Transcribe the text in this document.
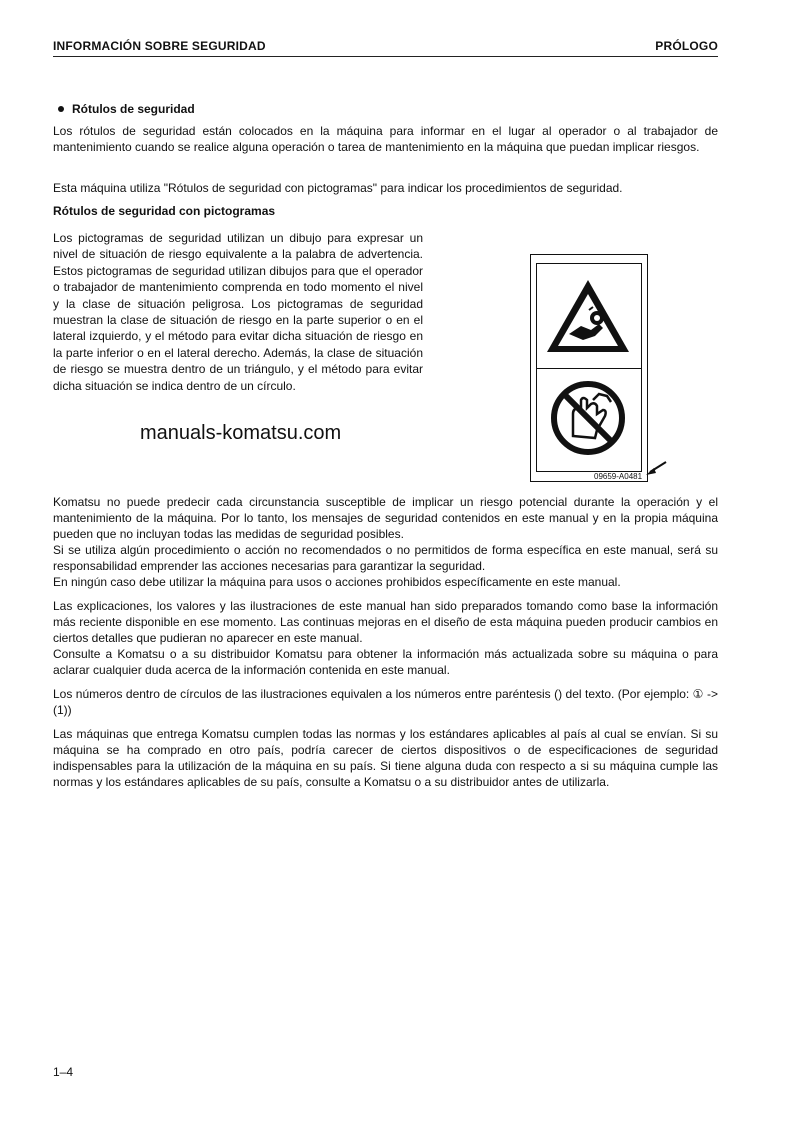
INFORMACIÓN SOBRE SEGURIDAD	PRÓLOGO
Rótulos de seguridad
Los rótulos de seguridad están colocados en la máquina para informar en el lugar al operador o al trabajador de mantenimiento cuando se realice alguna operación o tarea de mantenimiento en la máquina que puedan implicar riesgos.
Esta máquina utiliza "Rótulos de seguridad con pictogramas" para indicar los procedimientos de seguridad.
Rótulos de seguridad con pictogramas
Los pictogramas de seguridad utilizan un dibujo para expresar un nivel de situación de riesgo equivalente a la palabra de advertencia. Estos pictogramas de seguridad utilizan dibujos para que el operador o trabajador de mantenimiento comprenda en todo momento el nivel y la clase de situación peligrosa. Los pictogramas de seguridad muestran la clase de situación de riesgo en la parte superior o en el lateral izquierdo, y el método para evitar dicha situación de riesgo en la parte inferior o en el lateral derecho. Además, la clase de situación de riesgo se muestra dentro de un triángulo, y el método para evitar dicha situación se indica dentro de un círculo.
manuals-komatsu.com
09659-A0481
Komatsu no puede predecir cada circunstancia susceptible de implicar un riesgo potencial durante la operación y el mantenimiento de la máquina. Por lo tanto, los mensajes de seguridad contenidos en este manual y en la propia máquina pueden que no incluyan todas las medidas de seguridad posibles.
Si se utiliza algún procedimiento o acción no recomendados o no permitidos de forma específica en este manual, será su responsabilidad emprender las acciones necesarias para garantizar la seguridad.
En ningún caso debe utilizar la máquina para usos o acciones prohibidos específicamente en este manual.
Las explicaciones, los valores y las ilustraciones de este manual han sido preparados tomando como base la información más reciente disponible en ese momento. Las continuas mejoras en el diseño de esta máquina pueden producir cambios en ciertos detalles que pudieran no aparecer en este manual.
Consulte a Komatsu o a su distribuidor Komatsu para obtener la información más actualizada sobre su máquina o para aclarar cualquier duda acerca de la información contenida en este manual.
Los números dentro de círculos de las ilustraciones equivalen a los números entre paréntesis () del texto. (Por ejemplo: ① -> (1))
Las máquinas que entrega Komatsu cumplen todas las normas y los estándares aplicables al país al cual se envían. Si su máquina se ha comprado en otro país, podría carecer de ciertos dispositivos o de especificaciones de seguridad indispensables para la utilización de la máquina en su país. Si tiene alguna duda con respecto a si su máquina cumple las normas y los estándares aplicables de su país, consulte a Komatsu o a su distribuidor antes de utilizarla.
1–4
